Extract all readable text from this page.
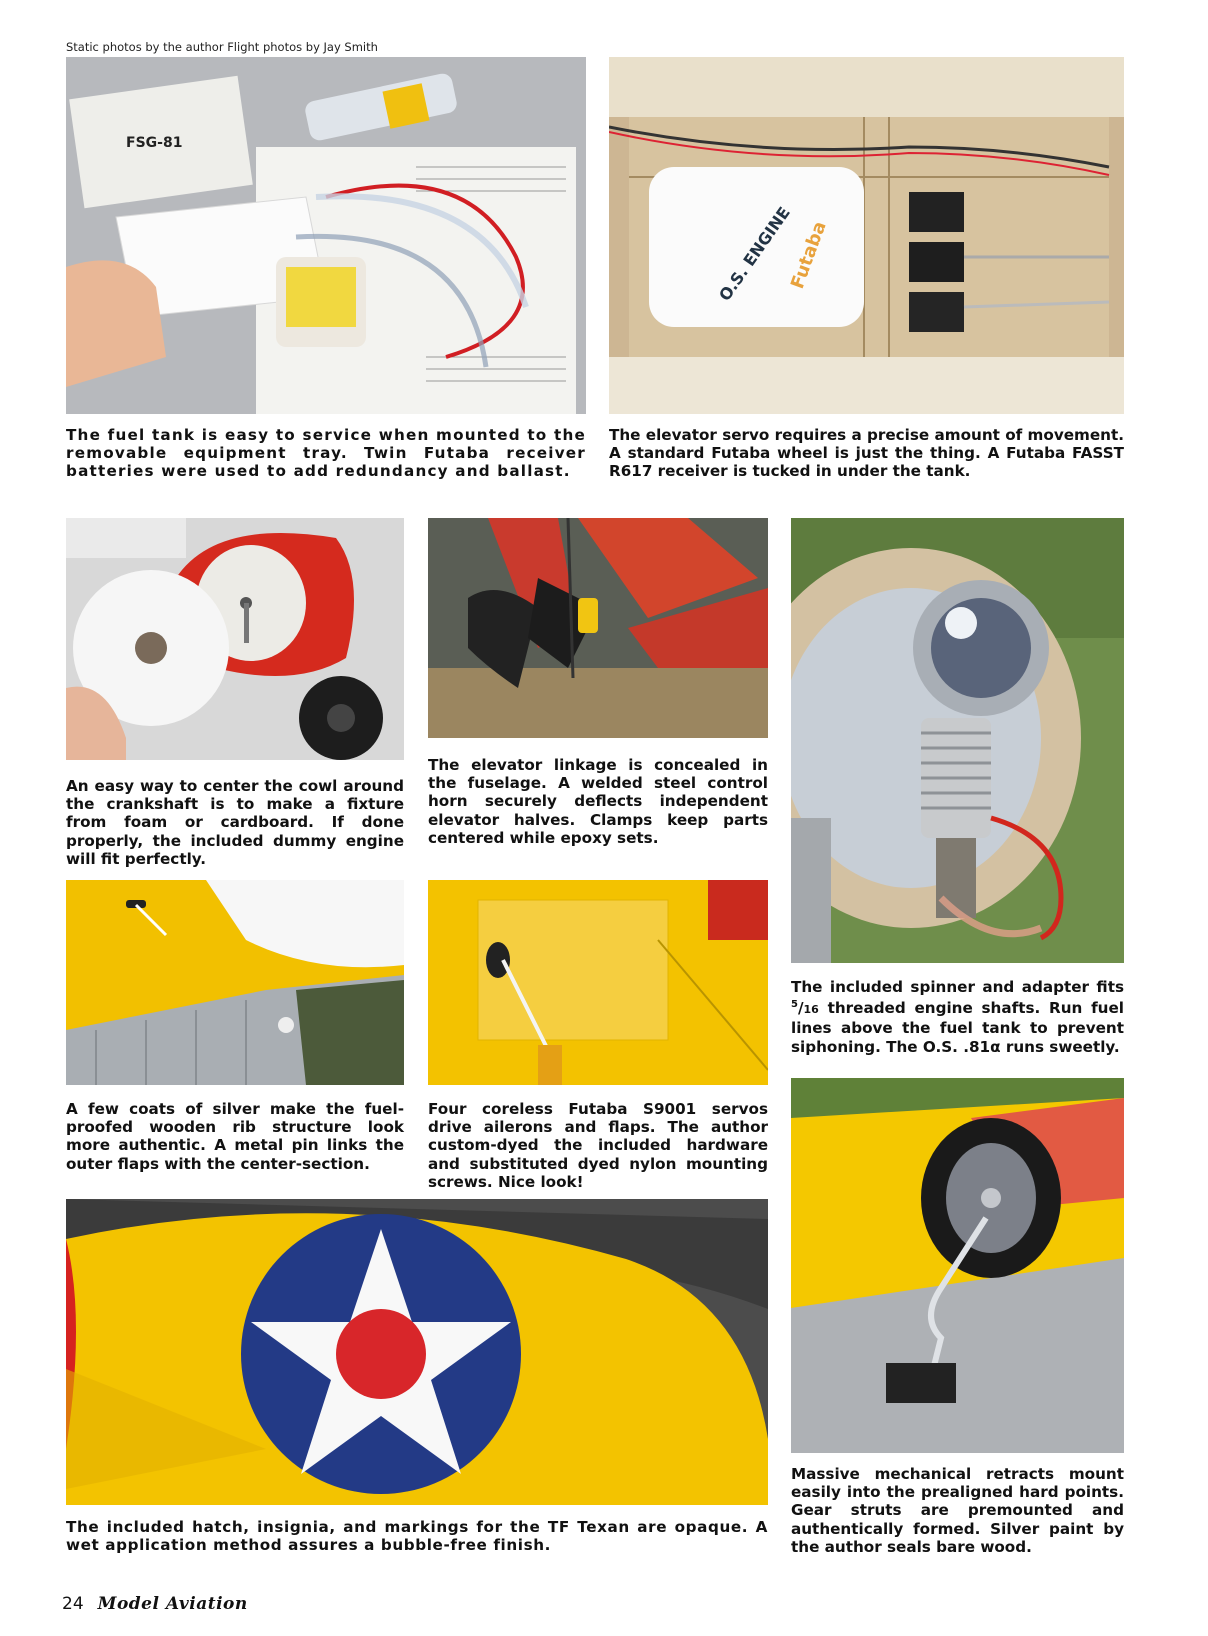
Static photos by the author Flight photos by Jay Smith
FSG-81
The fuel tank is easy to service when mounted to the removable equipment tray. Twin Futaba receiver batteries were used to add redundancy and ballast.
O.S. ENGINE
Futaba
The elevator servo requires a precise amount of movement. A standard Futaba wheel is just the thing. A Futaba FASST R617 receiver is tucked in under the tank.
An easy way to center the cowl around the crankshaft is to make a fixture from foam or cardboard. If done properly, the included dummy engine will fit perfectly.
The elevator linkage is concealed in the fuselage. A welded steel control horn securely deflects independent elevator halves. Clamps keep parts centered while epoxy sets.
The included spinner and adapter fits $^5$/16 threaded engine shafts. Run fuel lines above the fuel tank to prevent siphoning. The O.S. .81α runs sweetly.
A few coats of silver make the fuel-proofed wooden rib structure look more authentic. A metal pin links the outer flaps with the center-section.
Four coreless Futaba S9001 servos drive ailerons and flaps. The author custom-dyed the included hardware and substituted dyed nylon mounting screws. Nice look!
Massive mechanical retracts mount easily into the prealigned hard points. Gear struts are premounted and authentically formed. Silver paint by the author seals bare wood.
The included hatch, insignia, and markings for the TF Texan are opaque. A wet application method assures a bubble-free finish.
24 Model Aviation
